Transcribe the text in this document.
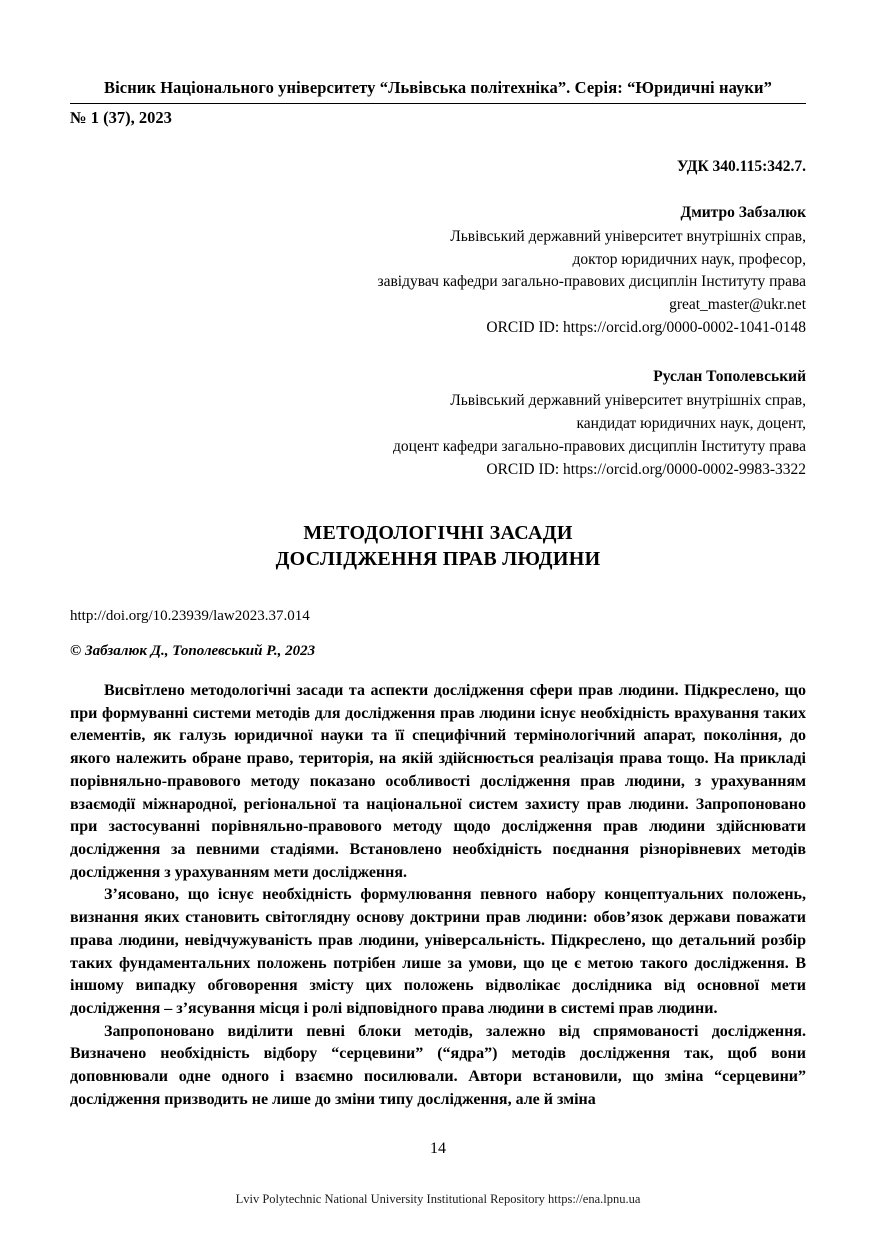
Вісник Національного університету “Львівська політехніка”. Серія: “Юридичні науки”
№ 1 (37), 2023
УДК 340.115:342.7.
Дмитро Забзалюк
Львівський державний університет внутрішніх справ,
доктор юридичних наук, професор,
завідувач кафедри загально-правових дисциплін Інституту права
great_master@ukr.net
ORCID ID: https://orcid.org/0000-0002-1041-0148
Руслан Тополевський
Львівський державний університет внутрішніх справ,
кандидат юридичних наук, доцент,
доцент кафедри загально-правових дисциплін Інституту права
ORCID ID: https://orcid.org/0000-0002-9983-3322
МЕТОДОЛОГІЧНІ ЗАСАДИ
ДОСЛІДЖЕННЯ ПРАВ ЛЮДИНИ
http://doi.org/10.23939/law2023.37.014
© Забзалюк Д., Тополевський Р., 2023

Висвітлено методологічні засади та аспекти дослідження сфери прав людини. Підкреслено, що при формуванні системи методів для дослідження прав людини існує необхідність врахування таких елементів, як галузь юридичної науки та її специфічний термінологічний апарат, покоління, до якого належить обране право, територія, на якій здійснюється реалізація права тощо. На прикладі порівняльно-правового методу показано особливості дослідження прав людини, з урахуванням взаємодії міжнародної, регіональної та національної систем захисту прав людини. Запропоновано при застосуванні порівняльно-правового методу щодо дослідження прав людини здійснювати дослідження за певними стадіями. Встановлено необхідність поєднання різнорівневих методів дослідження з урахуванням мети дослідження.

З’ясовано, що існує необхідність формулювання певного набору концептуальних положень, визнання яких становить світоглядну основу доктрини прав людини: обов’язок держави поважати права людини, невідчужуваність прав людини, універсальність. Підкреслено, що детальний розбір таких фундаментальних положень потрібен лише за умови, що це є метою такого дослідження. В іншому випадку обговорення змісту цих положень відволікає дослідника від основної мети дослідження – з’ясування місця і ролі відповідного права людини в системі прав людини.

Запропоновано виділити певні блоки методів, залежно від спрямованості дослідження. Визначено необхідність відбору “серцевини” (“ядра”) методів дослідження так, щоб вони доповнювали одне одного і взаємно посилювали. Автори встановили, що зміна “серцевини” дослідження призводить не лише до зміни типу дослідження, але й зміна

14
Lviv Polytechnic National University Institutional Repository https://ena.lpnu.ua
